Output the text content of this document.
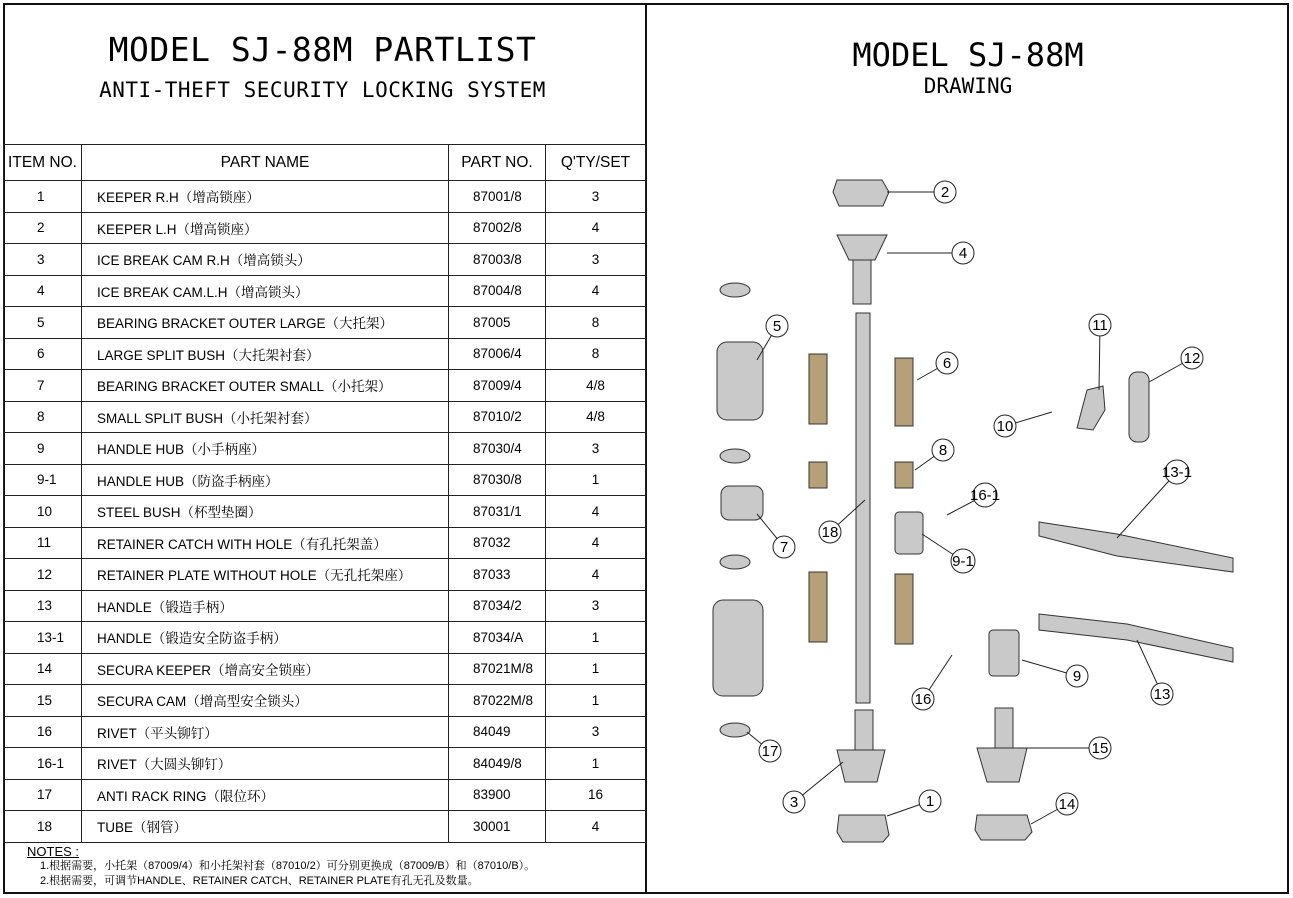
MODEL SJ-88M PARTLIST
ANTI-THEFT SECURITY LOCKING SYSTEM
MODEL SJ-88M
DRAWING
ITEM NO.	PART NAME	PART NO.	Q'TY/SET
1	KEEPER R.H（增高锁座）	87001/8	3
2	KEEPER L.H（增高锁座）	87002/8	4
3	ICE BREAK CAM R.H（增高锁头）	87003/8	3
4	ICE BREAK CAM.L.H（增高锁头）	87004/8	4
5	BEARING BRACKET OUTER LARGE（大托架）	87005	8
6	LARGE SPLIT BUSH（大托架衬套）	87006/4	8
7	BEARING BRACKET OUTER SMALL（小托架）	87009/4	4/8
8	SMALL SPLIT BUSH（小托架衬套）	87010/2	4/8
9	HANDLE HUB（小手柄座）	87030/4	3
9-1	HANDLE HUB（防盗手柄座）	87030/8	1
10	STEEL BUSH（杯型垫圈）	87031/1	4
11	RETAINER CATCH WITH HOLE（有孔托架盖）	87032	4
12	RETAINER PLATE WITHOUT HOLE（无孔托架座）	87033	4
13	HANDLE（锻造手柄）	87034/2	3
13-1	HANDLE（锻造安全防盗手柄）	87034/A	1
14	SECURA KEEPER（增高安全锁座）	87021M/8	1
15	SECURA CAM（增高型安全锁头）	87022M/8	1
16	RIVET（平头铆钉）	84049	3
16-1	RIVET（大圆头铆钉）	84049/8	1
17	ANTI RACK RING（限位环）	83900	16
18	TUBE（钢管）	30001	4
NOTES :
1.根据需要，小托架（87009/4）和小托架衬套（87010/2）可分别更换成（87009/B）和（87010/B）。
2.根据需要，可调节HANDLE、RETAINER CATCH、RETAINER PLATE有孔无孔及数量。
2
4
5
6
11
12
10
8
13-1
16-1
7
18
9-1
9
16	13
17	15
3	1	14
